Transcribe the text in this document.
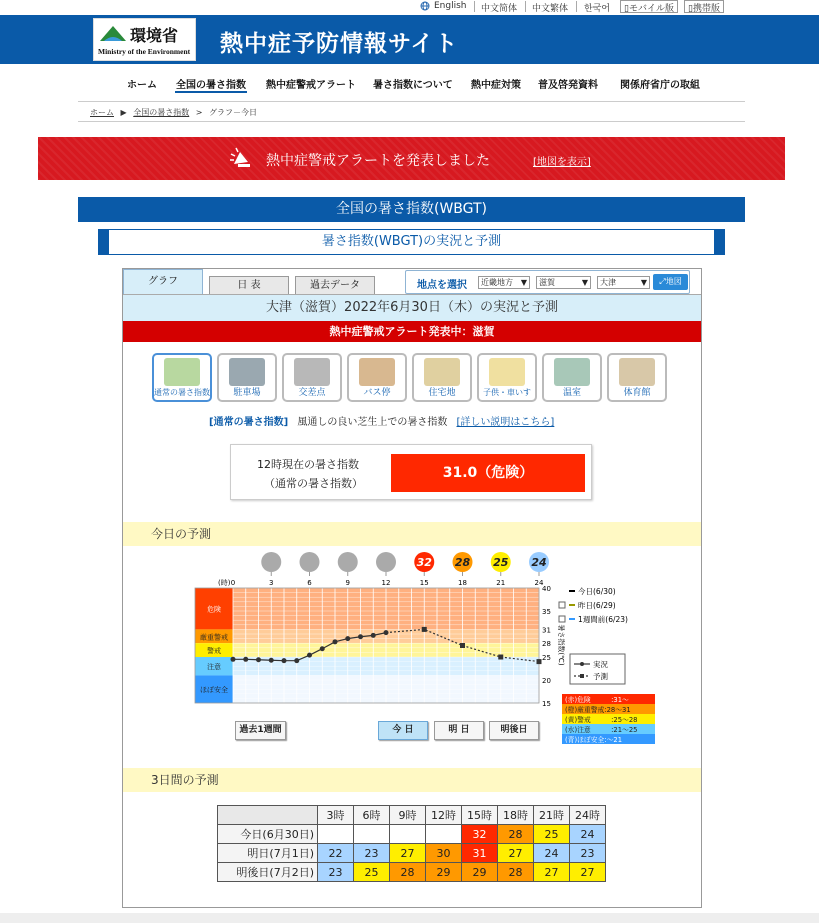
English 中文简体 中文繁体 한국어	▯モバイル版	▯携帯版
環境省
Ministry of the Environment 熱中症予防情報サイト
ホーム 全国の暑さ指数 熱中症警戒アラート 暑さ指数について 熱中症対策 普及啓発資料 関係府省庁の取組
ホーム ▶ 全国の暑さ指数 > グラフ－今日
熱中症警戒アラートを発表しました	[地図を表示]
全国の暑さ指数(WBGT)
暑さ指数(WBGT)の実況と予測
グラフ	日 表	過去データ	地点を選択	近畿地方 ▼	滋賀	▼	大津	▼	⤢地図
大津（滋賀）2022年6月30日（木）の実況と予測
熱中症警戒アラート発表中：滋賀
[通常の暑さ指数] 風通しの良い芝生上での暑さ指数 [詳しい説明はこちら]
12時現在の暑さ指数
（通常の暑さ指数）
31.0（危険）
今日の予測
危険
厳重警戒
警戒
注意
ほぼ安全
(時) 0	3	6	9	12	15	18	21	24
15
20
25
28
31
35
40
暑さ指数(℃)
32 28 25 24
今日(6/30)
昨日(6/29)
1週間前(6/23)
実況
予測
(赤)危険　　　:31～
(橙)厳重警戒:28～31
(黄)警戒　　　:25～28
(水)注意　　　:21～25
(青)ほぼ安全:～21
過去1週間	今 日	明 日	明後日
3日間の予測
	3時	6時	9時	12時	15時	18時	21時	24時
今日(6月30日)					32	28	25	24
明日(7月1日)	22	23	27	30	31	27	24	23
明後日(7月2日)	23	25	28	29	29	28	27	27
通常の暑さ指数	駐車場	交差点	バス停	住宅地	子供・車いす	温室	体育館
